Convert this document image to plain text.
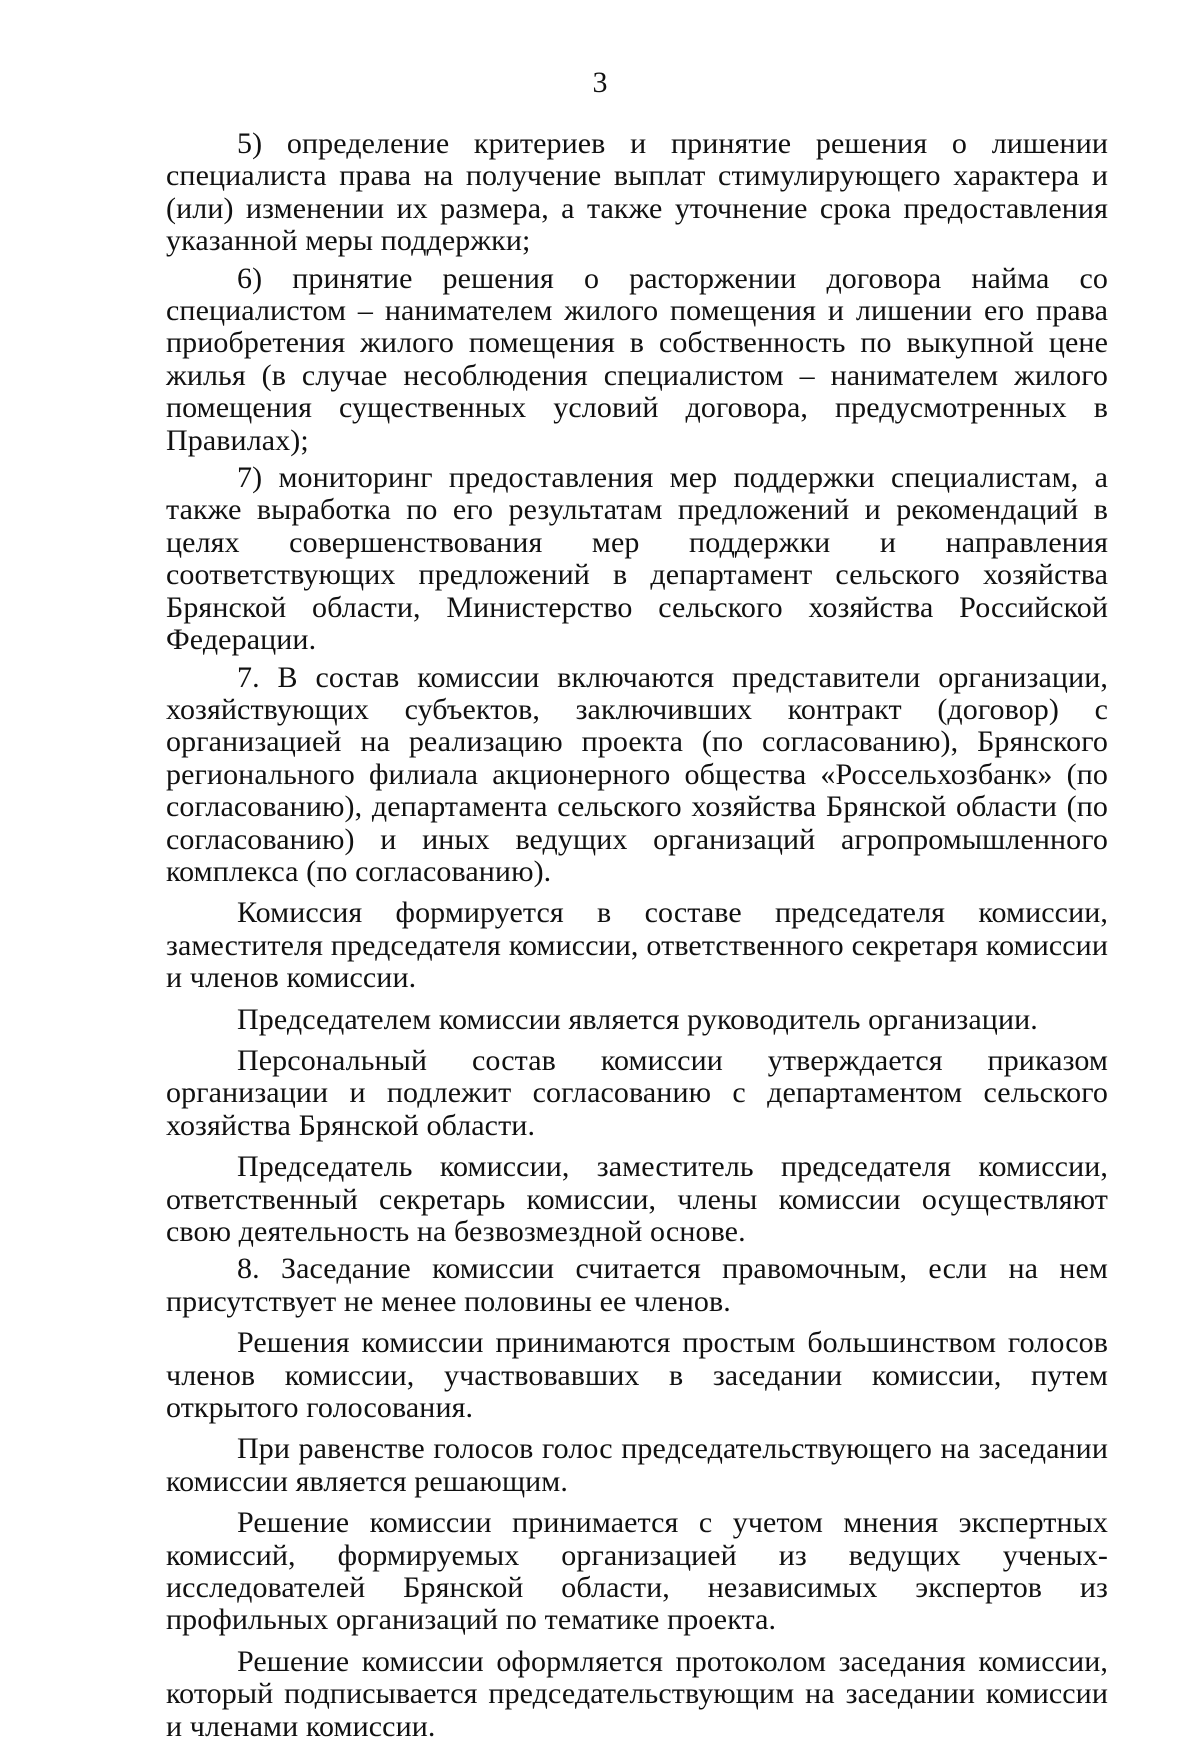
3

5) определение критериев и принятие решения о лишении специалиста права на получение выплат стимулирующего характера и (или) изменении их размера, а также уточнение срока предоставления указанной меры поддержки;

6) принятие решения о расторжении договора найма со специалистом – нанимателем жилого помещения и лишении его права приобретения жилого помещения в собственность по выкупной цене жилья (в случае несоблюдения специалистом – нанимателем жилого помещения существенных условий договора, предусмотренных в Правилах);

7) мониторинг предоставления мер поддержки специалистам, а также выработка по его результатам предложений и рекомендаций в целях совершенствования мер поддержки и направления соответствующих предложений в департамент сельского хозяйства Брянской области, Министерство сельского хозяйства Российской Федерации.

7. В состав комиссии включаются представители организации, хозяйствующих субъектов, заключивших контракт (договор) с организацией на реализацию проекта (по согласованию), Брянского регионального филиала акционерного общества «Россельхозбанк» (по согласованию), департамента сельского хозяйства Брянской области (по согласованию) и иных ведущих организаций агропромышленного комплекса (по согласованию).

Комиссия формируется в составе председателя комиссии, заместителя председателя комиссии, ответственного секретаря комиссии и членов комиссии.

Председателем комиссии является руководитель организации.

Персональный состав комиссии утверждается приказом организации и подлежит согласованию с департаментом сельского хозяйства Брянской области.

Председатель комиссии, заместитель председателя комиссии, ответственный секретарь комиссии, члены комиссии осуществляют свою деятельность на безвозмездной основе.

8. Заседание комиссии считается правомочным, если на нем присутствует не менее половины ее членов.

Решения комиссии принимаются простым большинством голосов членов комиссии, участвовавших в заседании комиссии, путем открытого голосования.

При равенстве голосов голос председательствующего на заседании комиссии является решающим.

Решение комиссии принимается с учетом мнения экспертных комиссий, формируемых организацией из ведущих ученых-исследователей Брянской области, независимых экспертов из профильных организаций по тематике проекта.

Решение комиссии оформляется протоколом заседания комиссии, который подписывается председательствующим на заседании комиссии и членами комиссии.
